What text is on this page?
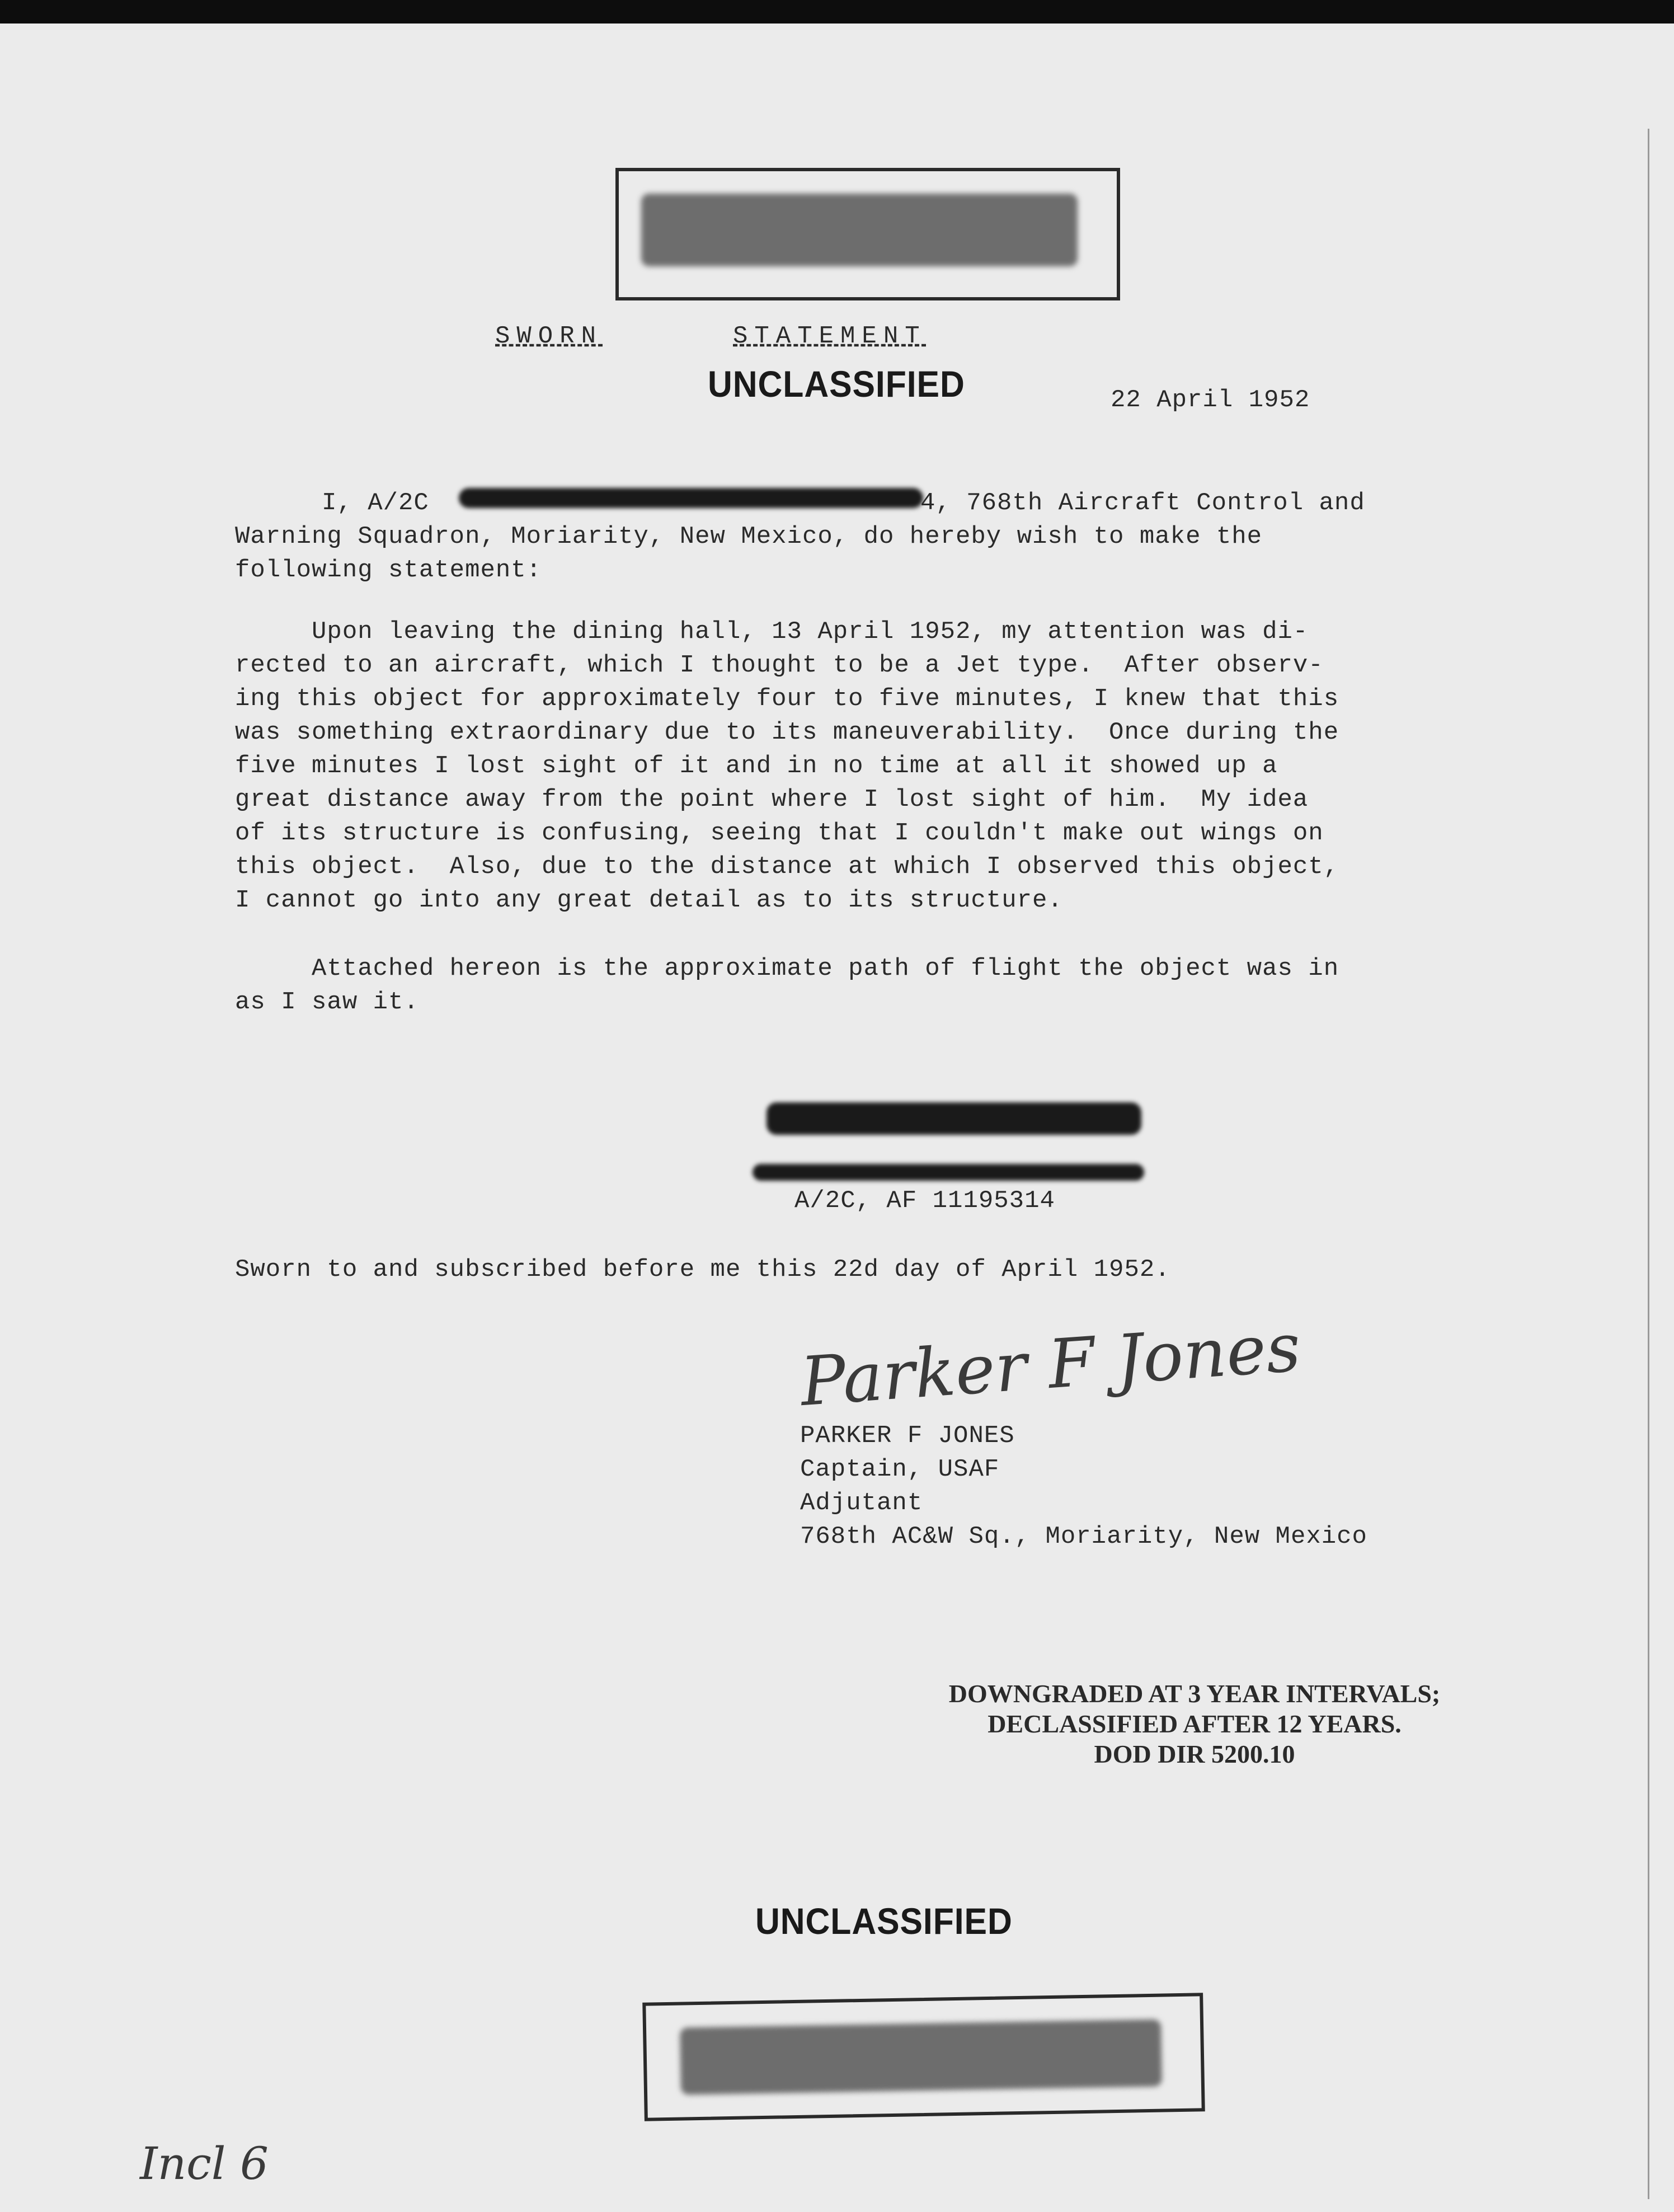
SWORN	STATEMENT
UNCLASSIFIED	22 April 1952
I, A/2C	4, 768th Aircraft Control and
Warning Squadron, Moriarity, New Mexico, do hereby wish to make the
following statement:
Upon leaving the dining hall, 13 April 1952, my attention was di-
rected to an aircraft, which I thought to be a Jet type.  After observ-
ing this object for approximately four to five minutes, I knew that this
was something extraordinary due to its maneuverability.  Once during the
five minutes I lost sight of it and in no time at all it showed up a
great distance away from the point where I lost sight of him.  My idea
of its structure is confusing, seeing that I couldn't make out wings on
this object.  Also, due to the distance at which I observed this object,
I cannot go into any great detail as to its structure.
Attached hereon is the approximate path of flight the object was in
as I saw it.
A/2C, AF 11195314
Sworn to and subscribed before me this 22d day of April 1952.
Parker F Jones
PARKER F JONES
Captain, USAF
Adjutant
768th AC&W Sq., Moriarity, New Mexico
DOWNGRADED AT 3 YEAR INTERVALS;
DECLASSIFIED AFTER 12 YEARS.
DOD DIR 5200.10
UNCLASSIFIED
Incl 6
